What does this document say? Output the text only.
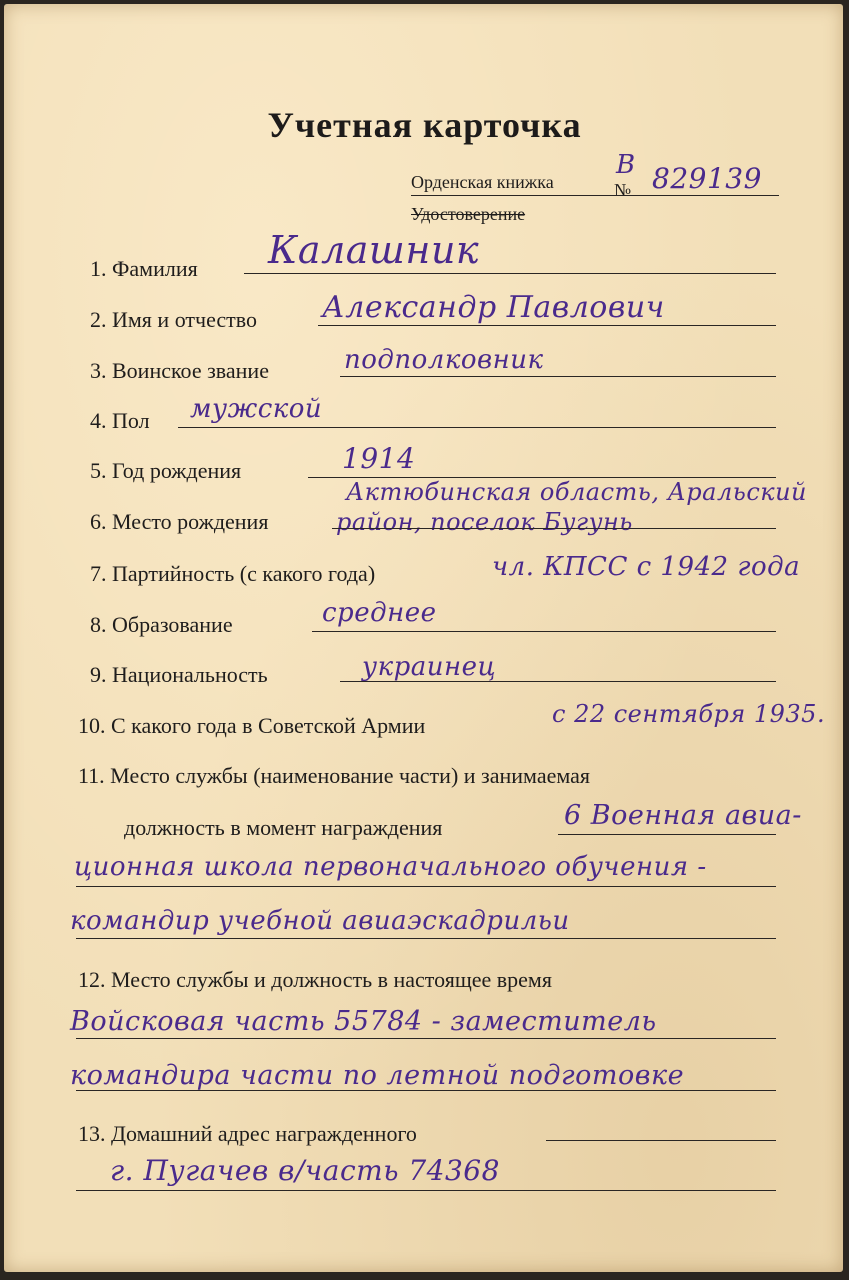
Учетная карточка
Орденская книжка
В
№ 829139
Удостоверение
1. Фамилия Калашник
2. Имя и отчество Александр Павлович
3. Воинское звание	подполковник
4. Пол мужской
5. Год рождения	1914
6. Место рождения
Актюбинская область, Аральский
район, поселок Бугунь
7. Партийность (с какого года)	чл. КПСС с 1942 года
8. Образование	среднее
9. Национальность	украинец
10. С какого года в Советской Армии	с 22 сентября 1935.
11. Место службы (наименование части) и занимаемая
должность в момент награждения	6 Военная авиа-
ционная школа первоначального обучения -
командир учебной авиаэскадрильи
12. Место службы и должность в настоящее время
Войсковая часть 55784 - заместитель
командира части по летной подготовке
13. Домашний адрес награжденного
г. Пугачев в/часть 74368
